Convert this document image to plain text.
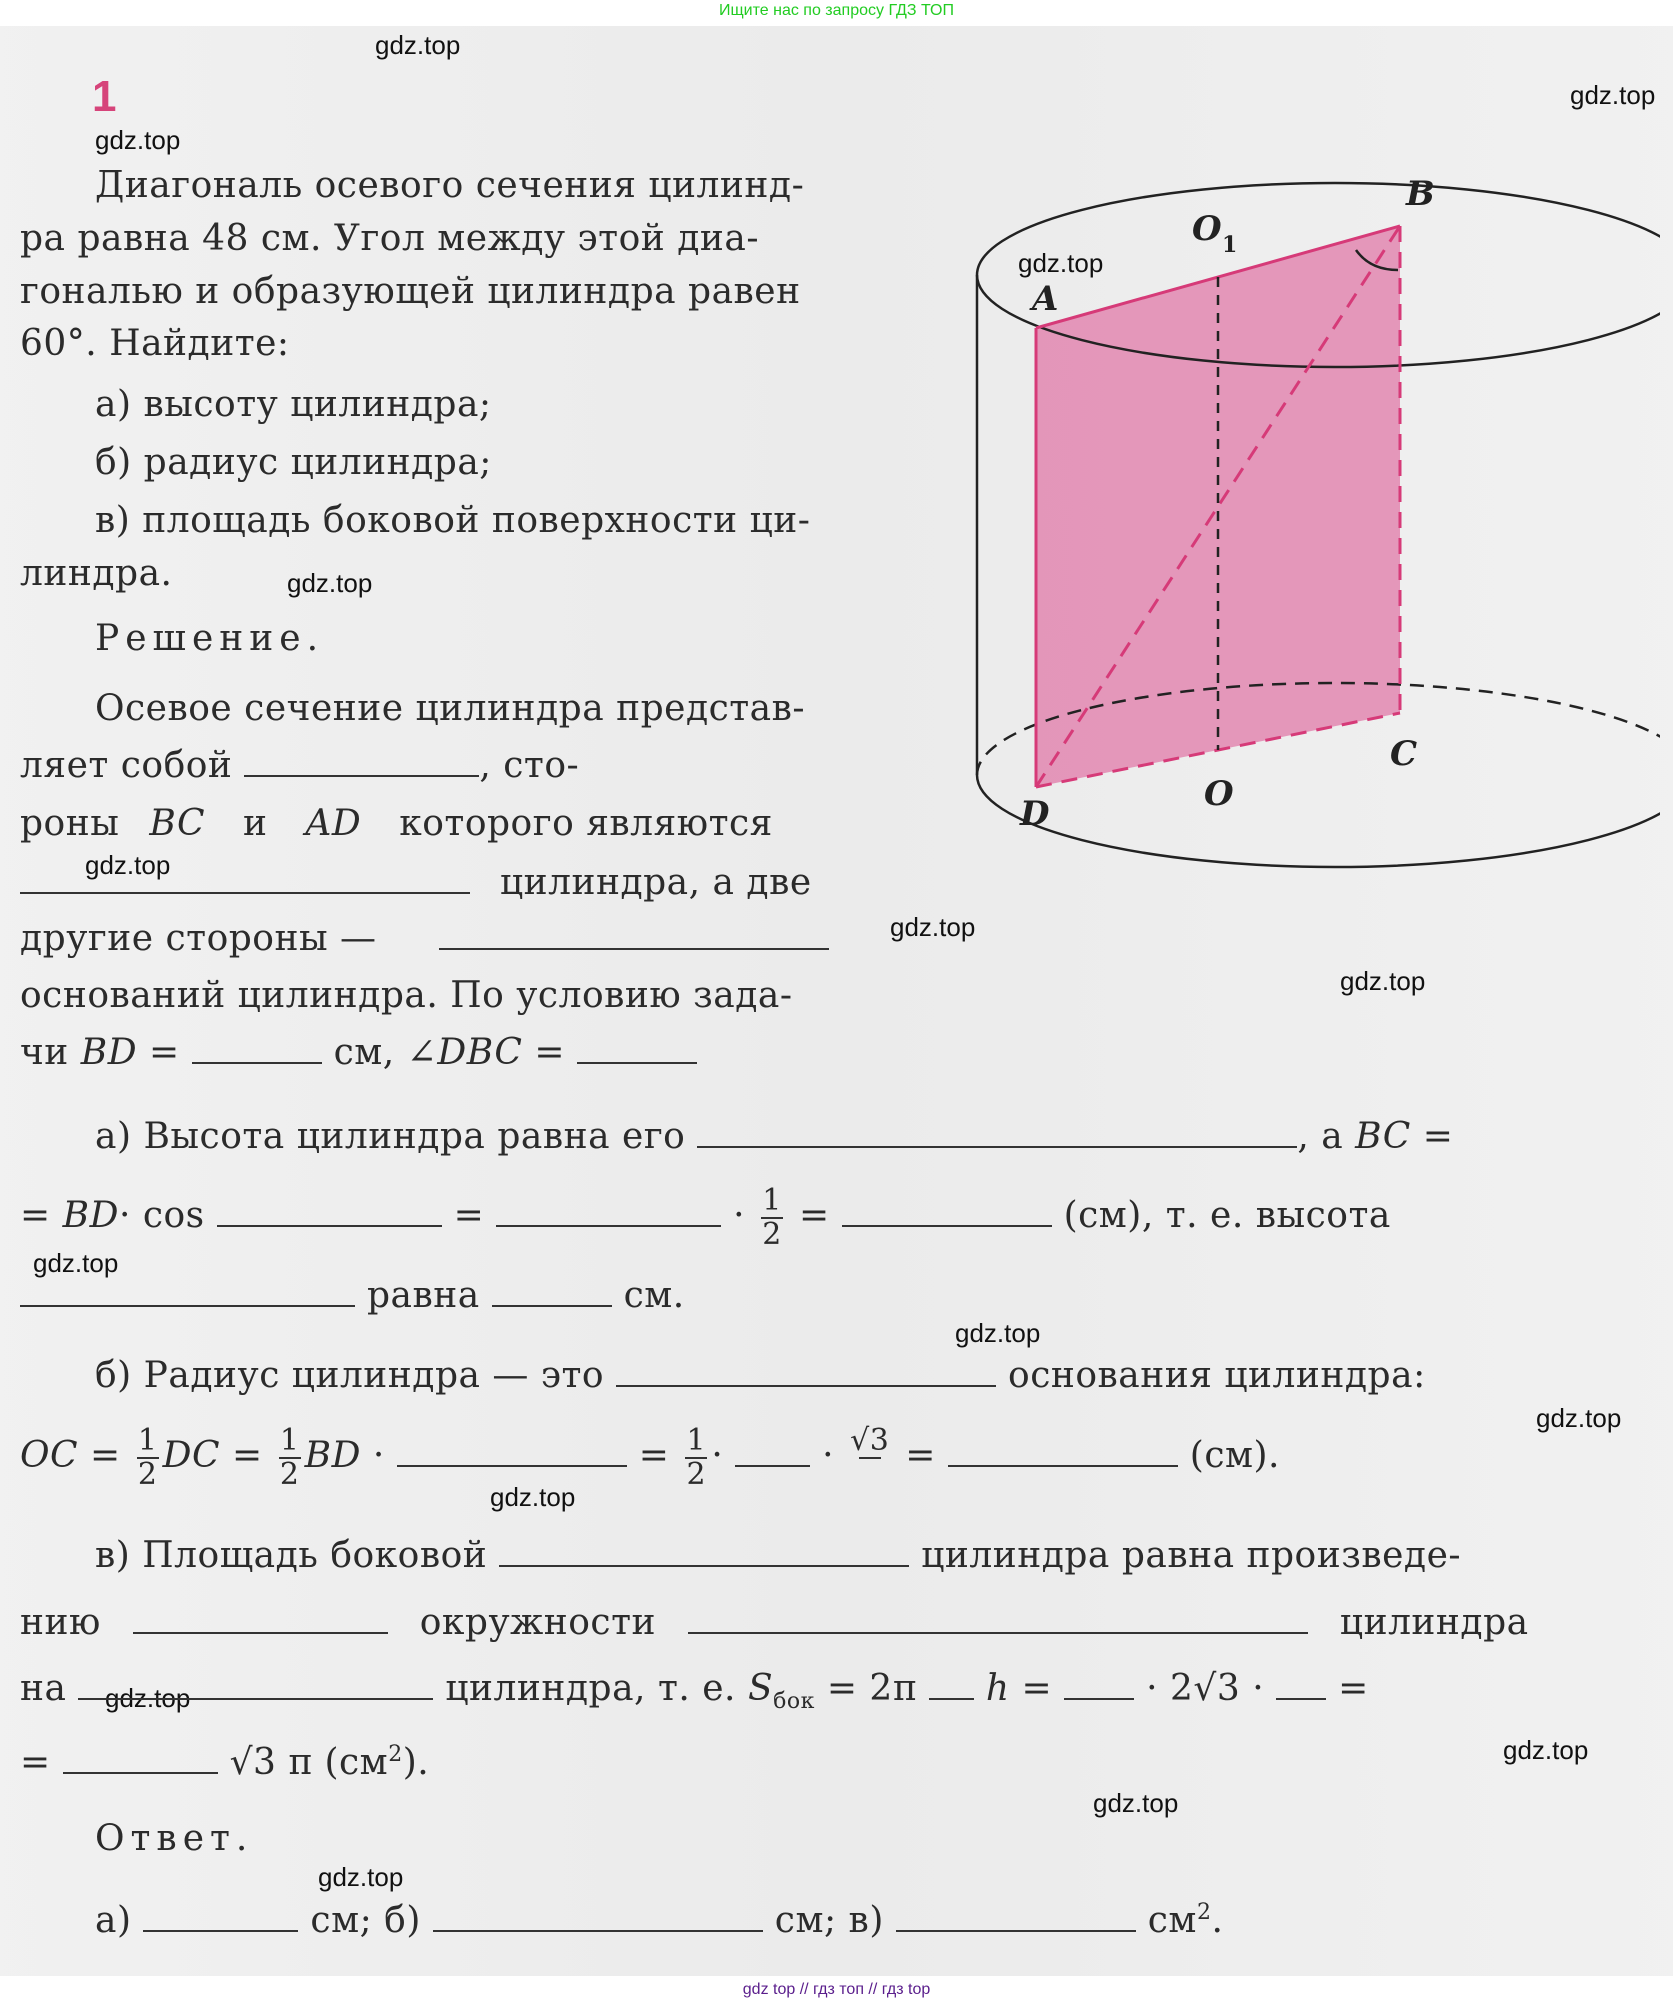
Ищите нас по запросу ГДЗ ТОП
1
gdz.top
gdz.top
gdz.top
gdz.top
gdz.top
gdz.top
gdz.top
gdz.top
gdz.top
gdz.top
gdz.top
gdz.top
gdz.top
gdz.top
gdz.top
gdz.top
Диагональ осевого сечения цилинд-
ра равна 48 см. Угол между этой диа-
гональю и образующей цилиндра равен
60°. Найдите:
а) высоту цилиндра;
б) радиус цилиндра;
в) площадь боковой поверхности ци-
линдра.
Решение.
Осевое сечение цилиндра представ-
ляет собой	, сто-
роны BC и AD которого являются
цилиндра, а две
другие стороны —
оснований цилиндра. По условию зада-
чи BD =	см, ∠DBC =
а) Высота цилиндра равна его	, а BC =
= BD· cos	=	· $\frac{1}{2}$ =	(см), т. е. высота
равна	см.
б) Радиус цилиндра — это	основания цилиндра:
OC = $\frac{1}{2}$ DC = $\frac{1}{2}$ BD ·	= $\frac{1}{2}$ ·  · √3
=	(см).
в) Площадь боковой	цилиндра равна произведе-
нию	окружности	цилиндра
на	цилиндра, т. е. $S_{бок} = 2\pi$ h =	· 2√3 · =
=	√3 π $(см^2)$.
Ответ.
а)	см; б)	см; в)	$см^2$.
A
B
C
D	O
O 1
gdz top // гдз топ // гдз top
